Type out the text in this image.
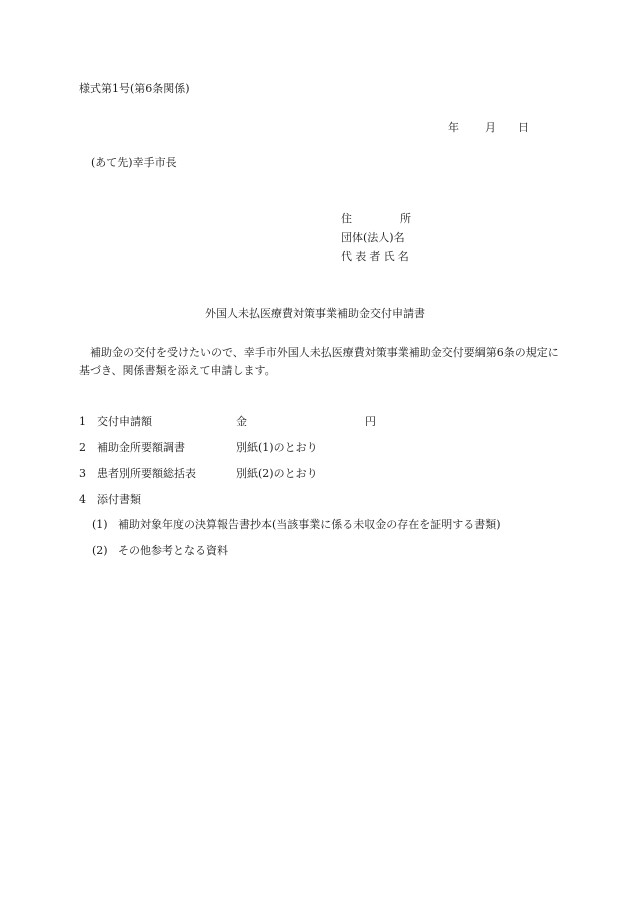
様式第1号(第6条関係)
年 月 日
(あて先)幸手市長
住	所
団体(法人)名
代表者氏名
外国人未払医療費対策事業補助金交付申請書
補助金の交付を受けたいので、幸手市外国人未払医療費対策事業補助金交付要綱第6条の規定に基づき、関係書類を添えて申請します。
1 交付申請額	金	円
2 補助金所要額調書	別紙(1)のとおり
3 患者別所要額総括表	別紙(2)のとおり
4 添付書類
(1) 補助対象年度の決算報告書抄本(当該事業に係る未収金の存在を証明する書類)
(2) その他参考となる資料
